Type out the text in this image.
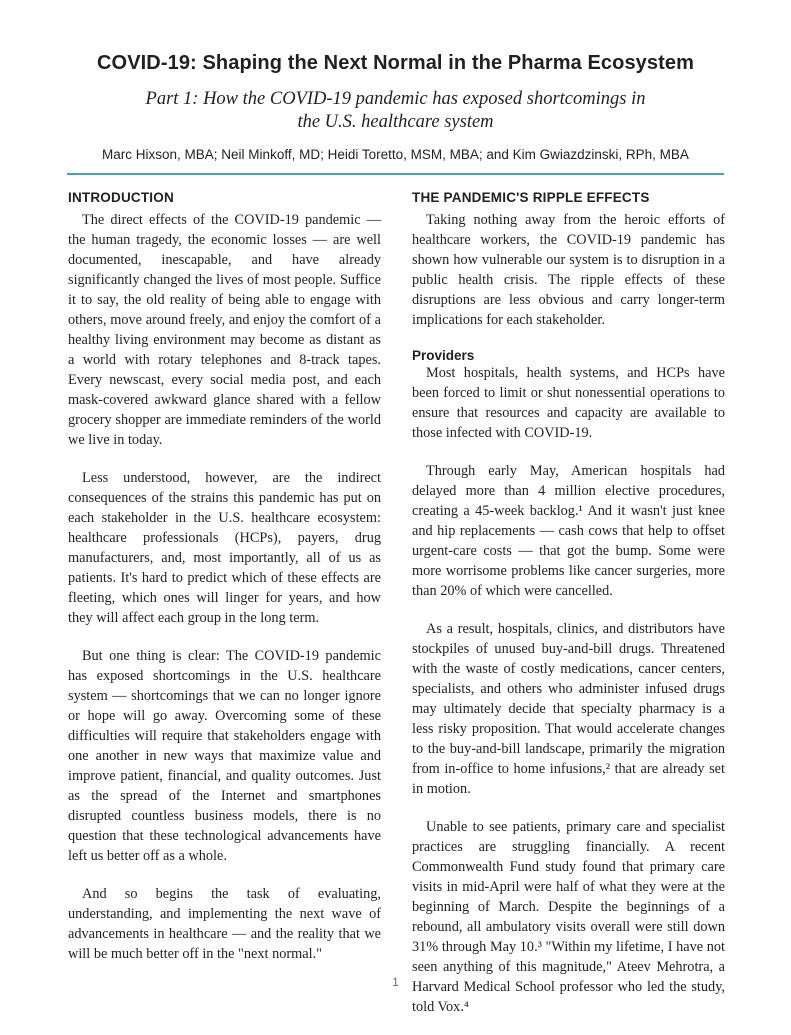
COVID-19: Shaping the Next Normal in the Pharma Ecosystem

Part 1: How the COVID-19 pandemic has exposed shortcomings in the U.S. healthcare system

Marc Hixson, MBA; Neil Minkoff, MD; Heidi Toretto, MSM, MBA; and Kim Gwiazdzinski, RPh, MBA

INTRODUCTION

The direct effects of the COVID-19 pandemic — the human tragedy, the economic losses — are well documented, inescapable, and have already significantly changed the lives of most people. Suffice it to say, the old reality of being able to engage with others, move around freely, and enjoy the comfort of a healthy living environment may become as distant as a world with rotary telephones and 8-track tapes. Every newscast, every social media post, and each mask-covered awkward glance shared with a fellow grocery shopper are immediate reminders of the world we live in today.

Less understood, however, are the indirect consequences of the strains this pandemic has put on each stakeholder in the U.S. healthcare ecosystem: healthcare professionals (HCPs), payers, drug manufacturers, and, most importantly, all of us as patients. It's hard to predict which of these effects are fleeting, which ones will linger for years, and how they will affect each group in the long term.

But one thing is clear: The COVID-19 pandemic has exposed shortcomings in the U.S. healthcare system — shortcomings that we can no longer ignore or hope will go away. Overcoming some of these difficulties will require that stakeholders engage with one another in new ways that maximize value and improve patient, financial, and quality outcomes. Just as the spread of the Internet and smartphones disrupted countless business models, there is no question that these technological advancements have left us better off as a whole.

And so begins the task of evaluating, understanding, and implementing the next wave of advancements in healthcare — and the reality that we will be much better off in the "next normal."

THE PANDEMIC'S RIPPLE EFFECTS

Taking nothing away from the heroic efforts of healthcare workers, the COVID-19 pandemic has shown how vulnerable our system is to disruption in a public health crisis. The ripple effects of these disruptions are less obvious and carry longer-term implications for each stakeholder.

Providers

Most hospitals, health systems, and HCPs have been forced to limit or shut nonessential operations to ensure that resources and capacity are available to those infected with COVID-19.

Through early May, American hospitals had delayed more than 4 million elective procedures, creating a 45-week backlog.¹ And it wasn't just knee and hip replacements — cash cows that help to offset urgent-care costs — that got the bump. Some were more worrisome problems like cancer surgeries, more than 20% of which were cancelled.

As a result, hospitals, clinics, and distributors have stockpiles of unused buy-and-bill drugs. Threatened with the waste of costly medications, cancer centers, specialists, and others who administer infused drugs may ultimately decide that specialty pharmacy is a less risky proposition. That would accelerate changes to the buy-and-bill landscape, primarily the migration from in-office to home infusions,² that are already set in motion.

Unable to see patients, primary care and specialist practices are struggling financially. A recent Commonwealth Fund study found that primary care visits in mid-April were half of what they were at the beginning of March. Despite the beginnings of a rebound, all ambulatory visits overall were still down 31% through May 10.³ "Within my lifetime, I have not seen anything of this magnitude," Ateev Mehrotra, a Harvard Medical School professor who led the study, told Vox.⁴

1
